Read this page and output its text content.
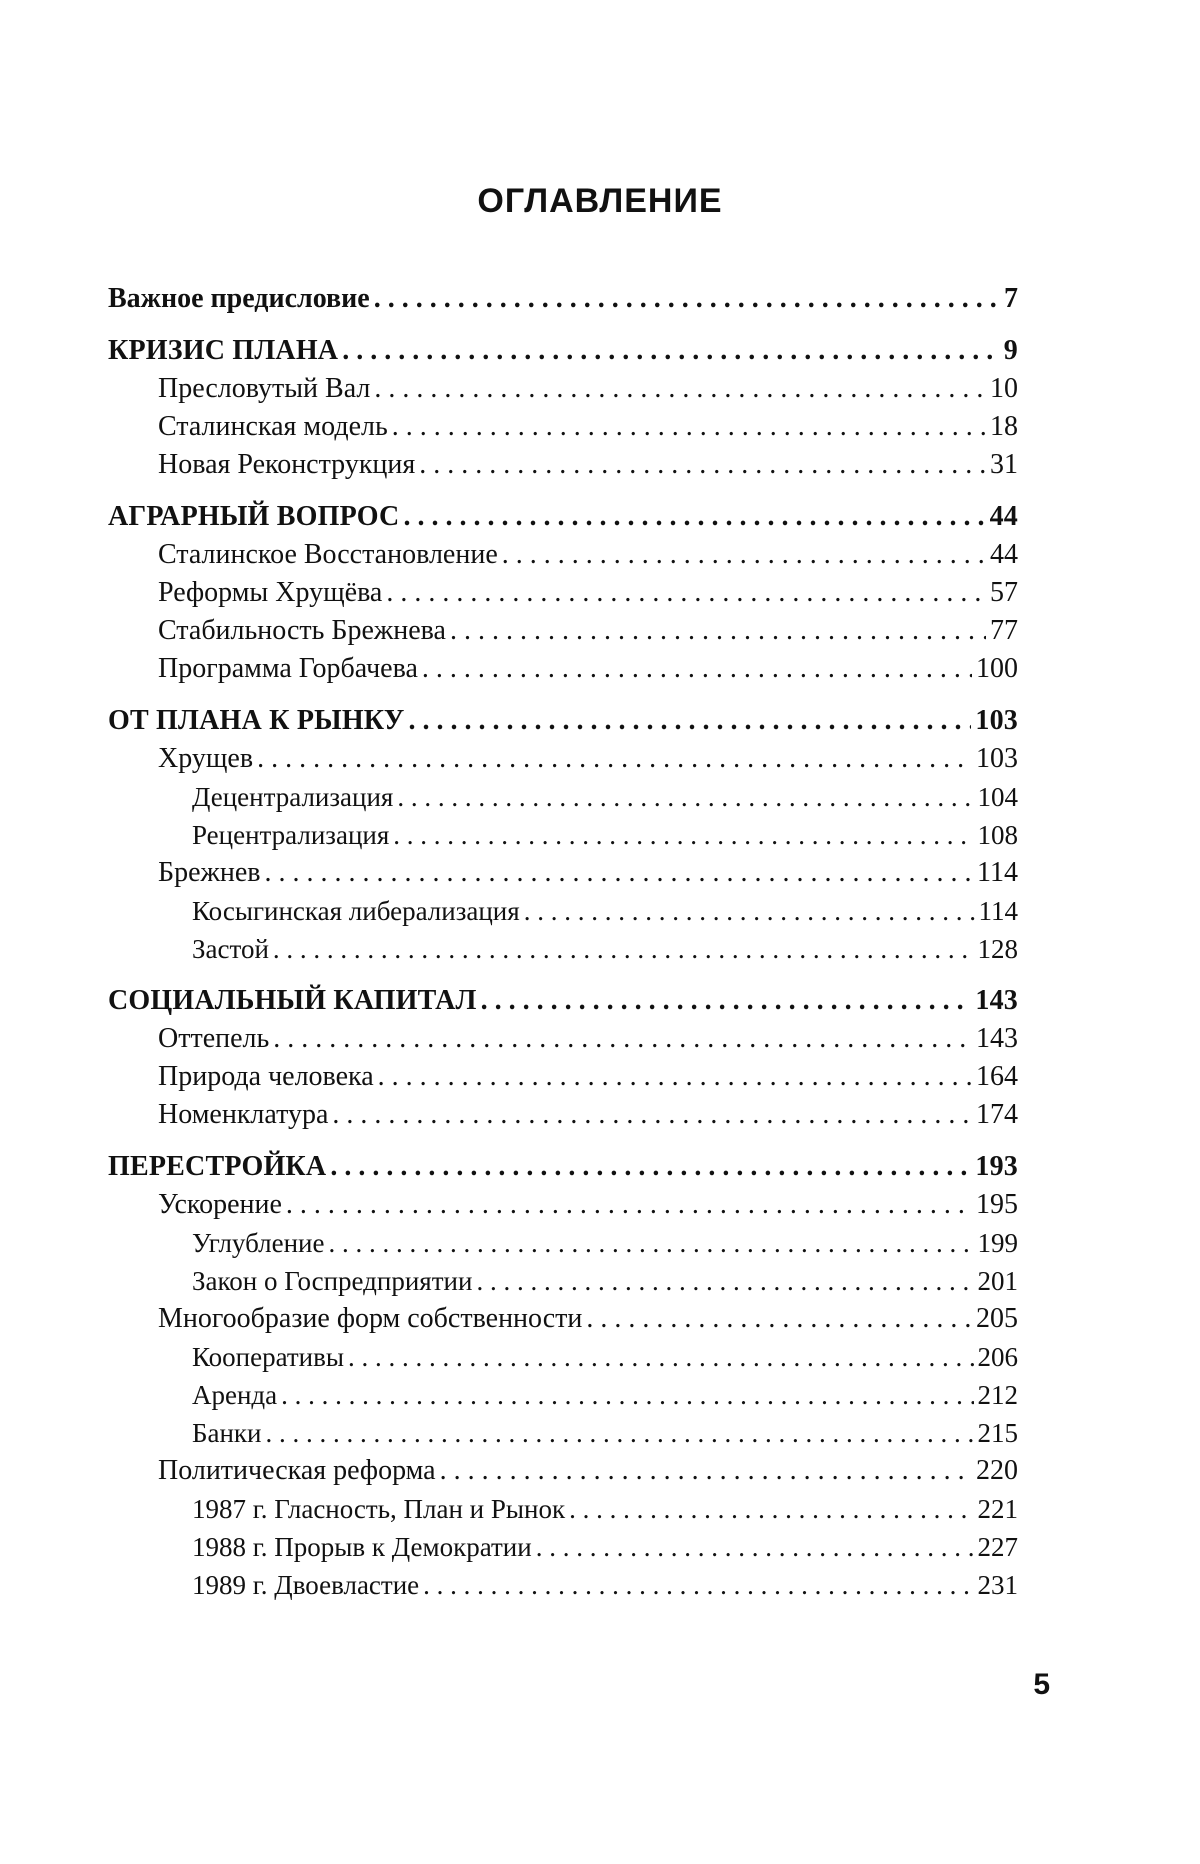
ОГЛАВЛЕНИЕ
Важное предисловие . . .	7
КРИЗИС ПЛАНА . . .	9
Пресловутый Вал . . .	10
Сталинская модель . . .	18
Новая Реконструкция . . .	31
АГРАРНЫЙ ВОПРОС . . .	44
Сталинское Восстановление . . .	44
Реформы Хрущёва . . .	57
Стабильность Брежнева . . .	77
Программа Горбачева . . .	100
ОТ ПЛАНА К РЫНКУ . . .	103
Хрущев . . .	103
Децентрализация . . .	104
Рецентрализация . . .	108
Брежнев . . .	114
Косыгинская либерализация . . .	114
Застой . . .	128
СОЦИАЛЬНЫЙ КАПИТАЛ . . .	143
Оттепель . . .	143
Природа человека . . .	164
Номенклатура . . .	174
ПЕРЕСТРОЙКА . . .	193
Ускорение . . .	195
Углубление . . .	199
Закон о Госпредприятии . . .	201
Многообразие форм собственности . . .	205
Кооперативы . . .	206
Аренда . . .	212
Банки . . .	215
Политическая реформа . . .	220
1987 г. Гласность, План и Рынок . . .	221
1988 г. Прорыв к Демократии . . .	227
1989 г. Двоевластие . . .	231
5
